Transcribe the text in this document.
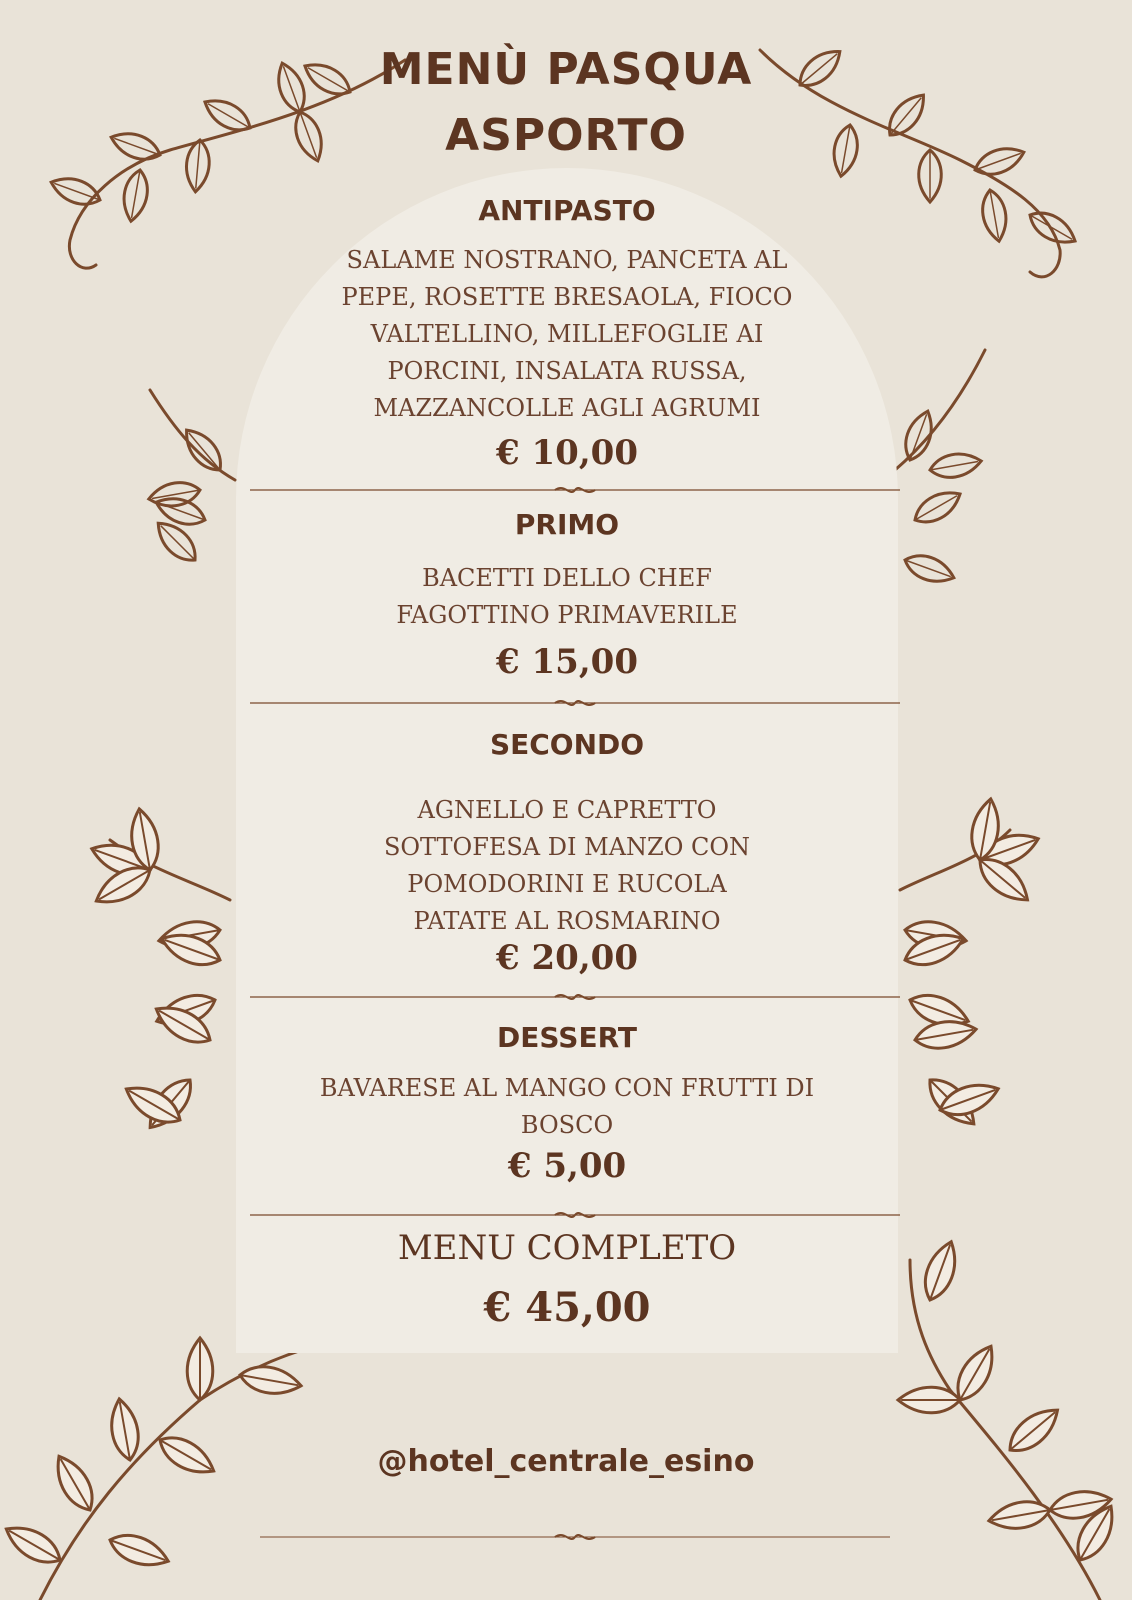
MENÙ PASQUA
ASPORTO
ANTIPASTO
SALAME NOSTRANO, PANCETA AL
PEPE, ROSETTE BRESAOLA, FIOCO
VALTELLINO, MILLEFOGLIE AI
PORCINI, INSALATA RUSSA,
MAZZANCOLLE AGLI AGRUMI
€ 10,00
PRIMO
BACETTI DELLO CHEF
FAGOTTINO PRIMAVERILE
€ 15,00
SECONDO
AGNELLO E CAPRETTO
SOTTOFESA DI MANZO CON
POMODORINI E RUCOLA
PATATE AL ROSMARINO
€ 20,00
DESSERT
BAVARESE AL MANGO CON FRUTTI DI
BOSCO
€ 5,00
MENU COMPLETO
€ 45,00
@hotel_centrale_esino
